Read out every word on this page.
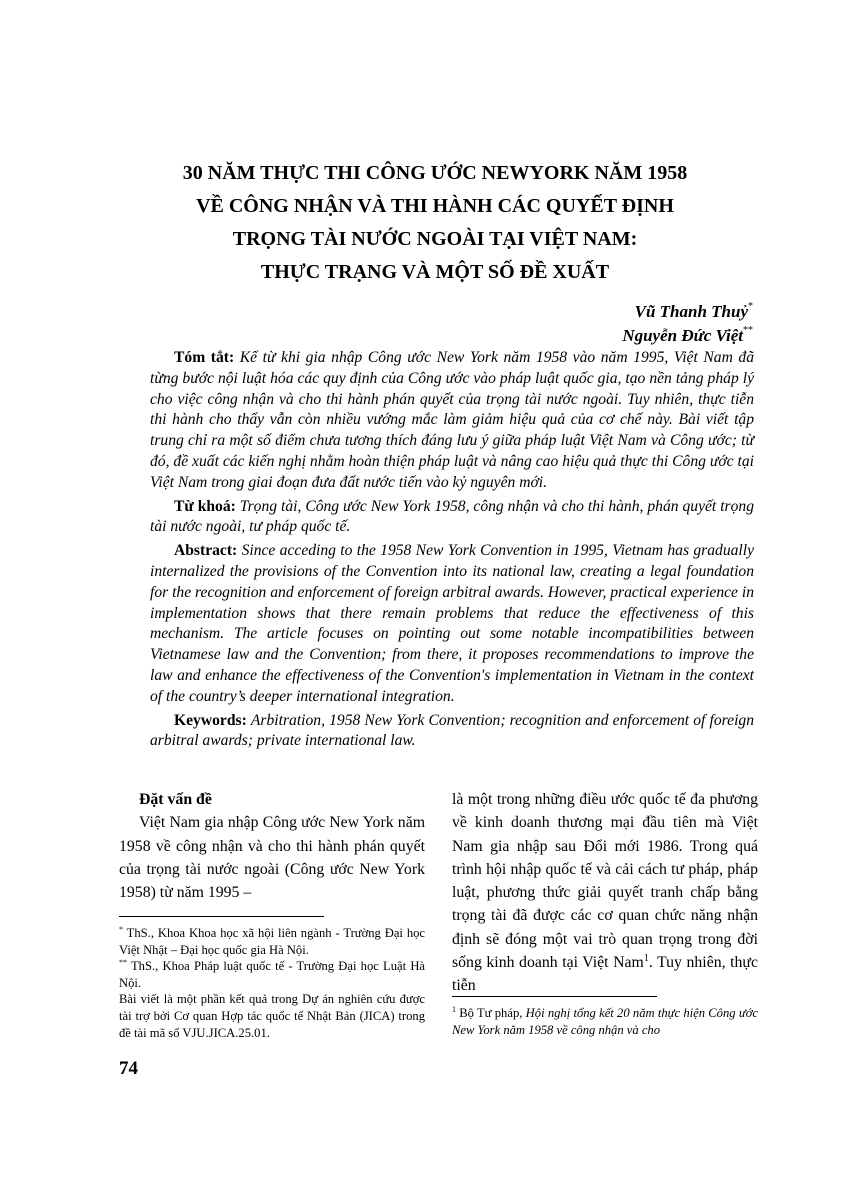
30 NĂM THỰC THI CÔNG ƯỚC NEWYORK NĂM 1958
VỀ CÔNG NHẬN VÀ THI HÀNH CÁC QUYẾT ĐỊNH
TRỌNG TÀI NƯỚC NGOÀI TẠI VIỆT NAM:
THỰC TRẠNG VÀ MỘT SỐ ĐỀ XUẤT
Vũ Thanh Thuỷ*
Nguyễn Đức Việt**

Tóm tắt: Kể từ khi gia nhập Công ước New York năm 1958 vào năm 1995, Việt Nam đã từng bước nội luật hóa các quy định của Công ước vào pháp luật quốc gia, tạo nền tảng pháp lý cho việc công nhận và cho thi hành phán quyết của trọng tài nước ngoài. Tuy nhiên, thực tiễn thi hành cho thấy vẫn còn nhiều vướng mắc làm giảm hiệu quả của cơ chế này. Bài viết tập trung chỉ ra một số điểm chưa tương thích đáng lưu ý giữa pháp luật Việt Nam và Công ước; từ đó, đề xuất các kiến nghị nhằm hoàn thiện pháp luật và nâng cao hiệu quả thực thi Công ước tại Việt Nam trong giai đoạn đưa đất nước tiến vào kỷ nguyên mới.

Từ khoá: Trọng tài, Công ước New York 1958, công nhận và cho thi hành, phán quyết trọng tài nước ngoài, tư pháp quốc tế.

Abstract: Since acceding to the 1958 New York Convention in 1995, Vietnam has gradually internalized the provisions of the Convention into its national law, creating a legal foundation for the recognition and enforcement of foreign arbitral awards. However, practical experience in implementation shows that there remain problems that reduce the effectiveness of this mechanism. The article focuses on pointing out some notable incompatibilities between Vietnamese law and the Convention; from there, it proposes recommendations to improve the law and enhance the effectiveness of the Convention's implementation in Vietnam in the context of the country’s deeper international integration.

Keywords: Arbitration, 1958 New York Convention; recognition and enforcement of foreign arbitral awards; private international law.

Đặt vấn đề

Việt Nam gia nhập Công ước New York năm 1958 về công nhận và cho thi hành phán quyết của trọng tài nước ngoài (Công ước New York 1958) từ năm 1995 –

là một trong những điều ước quốc tế đa phương về kinh doanh thương mại đầu tiên mà Việt Nam gia nhập sau Đổi mới 1986. Trong quá trình hội nhập quốc tế và cải cách tư pháp, pháp luật, phương thức giải quyết tranh chấp bằng trọng tài đã được các cơ quan chức năng nhận định sẽ đóng một vai trò quan trọng trong đời sống kinh doanh tại Việt Nam$^1$. Tuy nhiên, thực tiễn

* ThS., Khoa Khoa học xã hội liên ngành - Trường Đại học Việt Nhật – Đại học quốc gia Hà Nội.

** ThS., Khoa Pháp luật quốc tế - Trường Đại học Luật Hà Nội.

Bài viết là một phần kết quả trong Dự án nghiên cứu được tài trợ bởi Cơ quan Hợp tác quốc tế Nhật Bản (JICA) trong đề tài mã số VJU.JICA.25.01.

$^1$ Bộ Tư pháp, Hội nghị tổng kết 20 năm thực hiện Công ước New York năm 1958 về công nhận và cho

74
